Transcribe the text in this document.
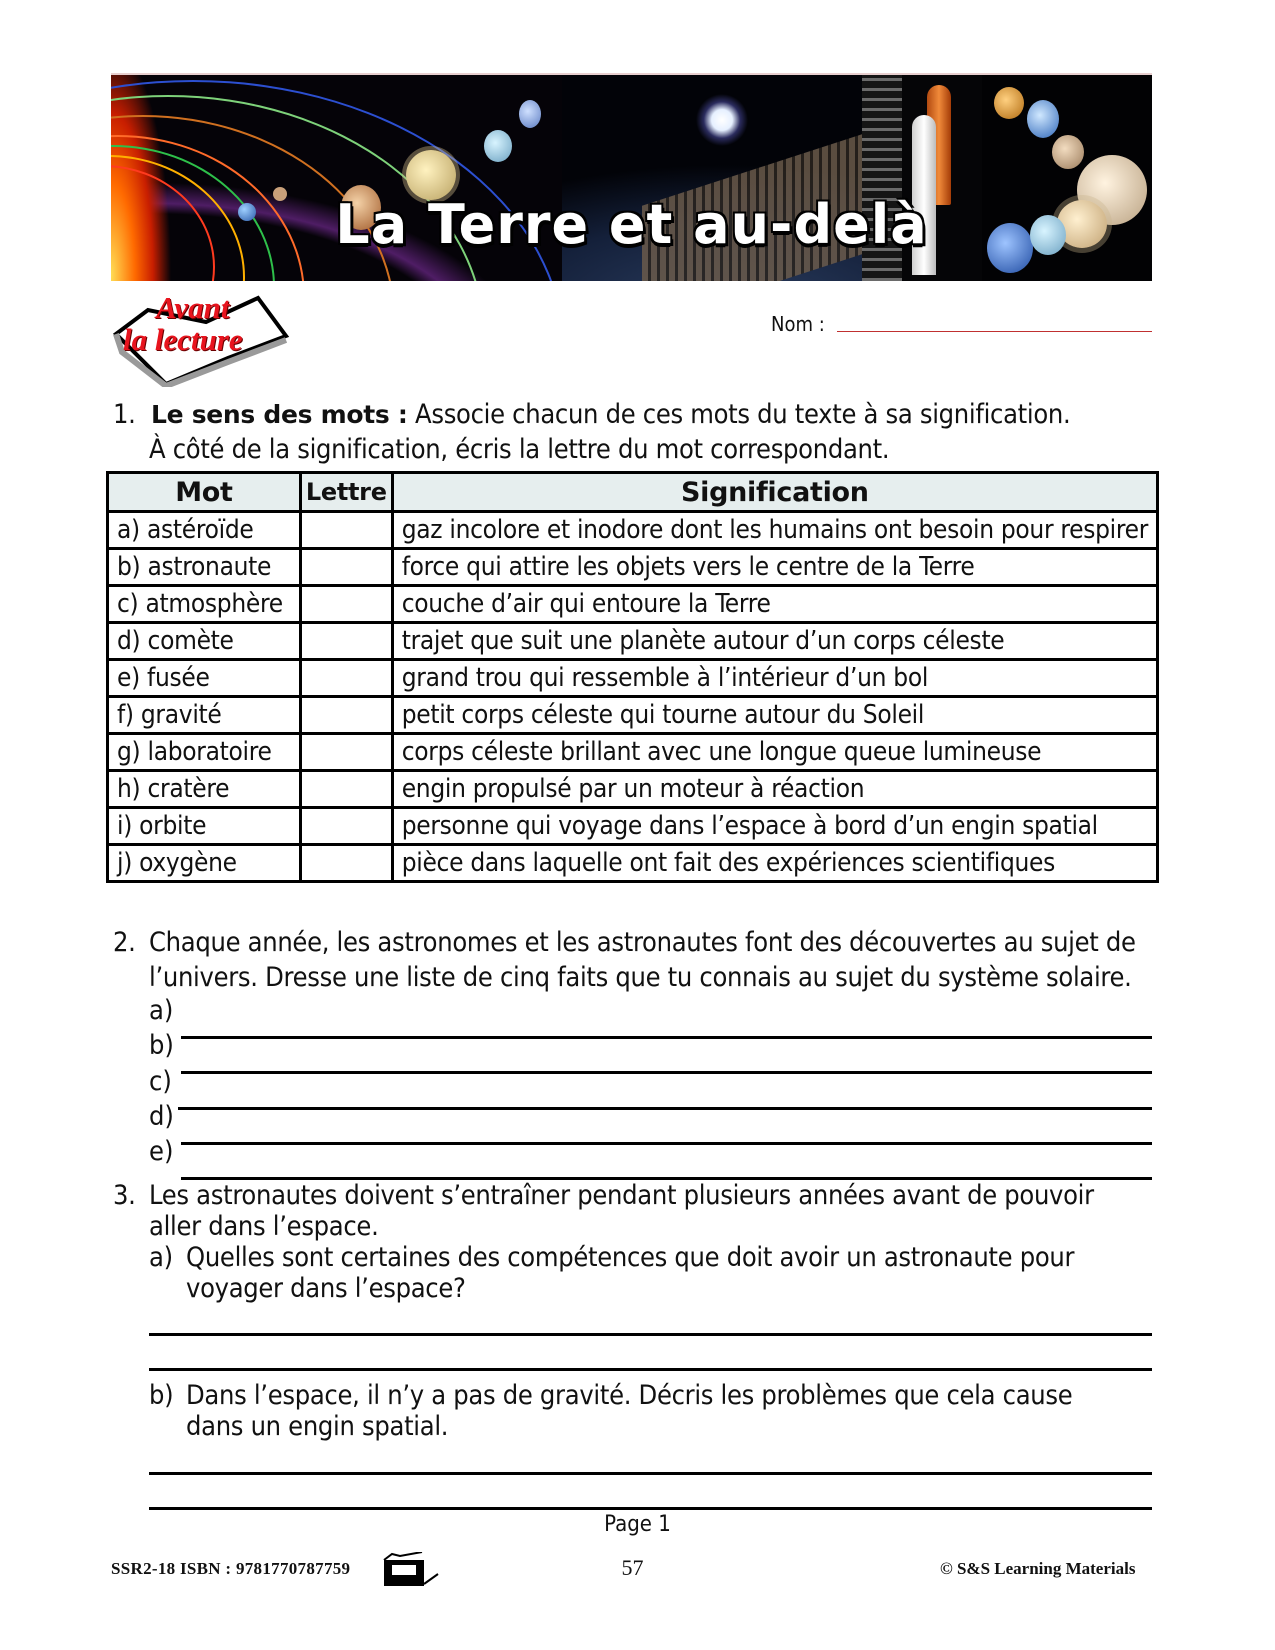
La Terre et au-delà
Avant
la lecture	Nom :
1. Le sens des mots : Associe chacun de ces mots du texte à sa signification.
À côté de la signification, écris la lettre du mot correspondant.
Mot	Lettre	Signification
a) astéroïde		gaz incolore et inodore dont les humains ont besoin pour respirer
b) astronaute		force qui attire les objets vers le centre de la Terre
c) atmosphère		couche d’air qui entoure la Terre
d) comète		trajet que suit une planète autour d’un corps céleste
e) fusée		grand trou qui ressemble à l’intérieur d’un bol
f) gravité		petit corps céleste qui tourne autour du Soleil
g) laboratoire		corps céleste brillant avec une longue queue lumineuse
h) cratère		engin propulsé par un moteur à réaction
i) orbite		personne qui voyage dans l’espace à bord d’un engin spatial
j) oxygène		pièce dans laquelle ont fait des expériences scientifiques
2. Chaque année, les astronomes et les astronautes font des découvertes au sujet de
l’univers. Dresse une liste de cinq faits que tu connais au sujet du système solaire.
a)
b)
c)
d)
e)
3. Les astronautes doivent s’entraîner pendant plusieurs années avant de pouvoir
aller dans l’espace.
a) Quelles sont certaines des compétences que doit avoir un astronaute pour
voyager dans l’espace?
b) Dans l’espace, il n’y a pas de gravité. Décris les problèmes que cela cause
dans un engin spatial.
Page 1
SSR2-18 ISBN : 9781770787759	57	© S&S Learning Materials
